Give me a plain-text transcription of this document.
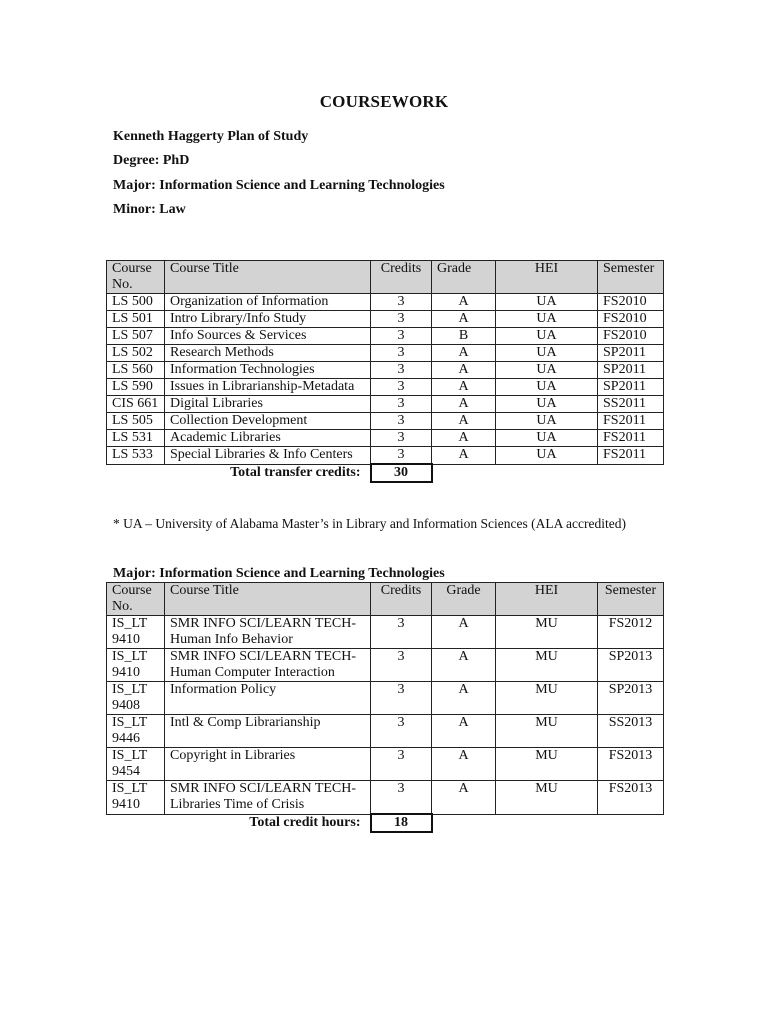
COURSEWORK
Kenneth Haggerty Plan of Study
Degree: PhD
Major: Information Science and Learning Technologies
Minor: Law
Course No.	Course Title	Credits	Grade	HEI	Semester
LS 500	Organization of Information	3	A	UA	FS2010
LS 501	Intro Library/Info Study	3	A	UA	FS2010
LS 507	Info Sources & Services	3	B	UA	FS2010
LS 502	Research Methods	3	A	UA	SP2011
LS 560	Information Technologies	3	A	UA	SP2011
LS 590	Issues in Librarianship-Metadata	3	A	UA	SP2011
CIS 661	Digital Libraries	3	A	UA	SS2011
LS 505	Collection Development	3	A	UA	FS2011
LS 531	Academic Libraries	3	A	UA	FS2011
LS 533	Special Libraries & Info Centers	3	A	UA	FS2011
Total transfer credits:		30			
* UA – University of Alabama Master’s in Library and Information Sciences (ALA accredited)
Major: Information Science and Learning Technologies
Course No.	Course Title	Credits	Grade	HEI	Semester
IS_LT 9410	SMR INFO SCI/LEARN TECH-Human Info Behavior	3	A	MU	FS2012
IS_LT 9410	SMR INFO SCI/LEARN TECH-Human Computer Interaction	3	A	MU	SP2013
IS_LT 9408	Information Policy	3	A	MU	SP2013
IS_LT 9446	Intl & Comp Librarianship	3	A	MU	SS2013
IS_LT 9454	Copyright in Libraries	3	A	MU	FS2013
IS_LT 9410	SMR INFO SCI/LEARN TECH-Libraries Time of Crisis	3	A	MU	FS2013
Total credit hours:		18			
